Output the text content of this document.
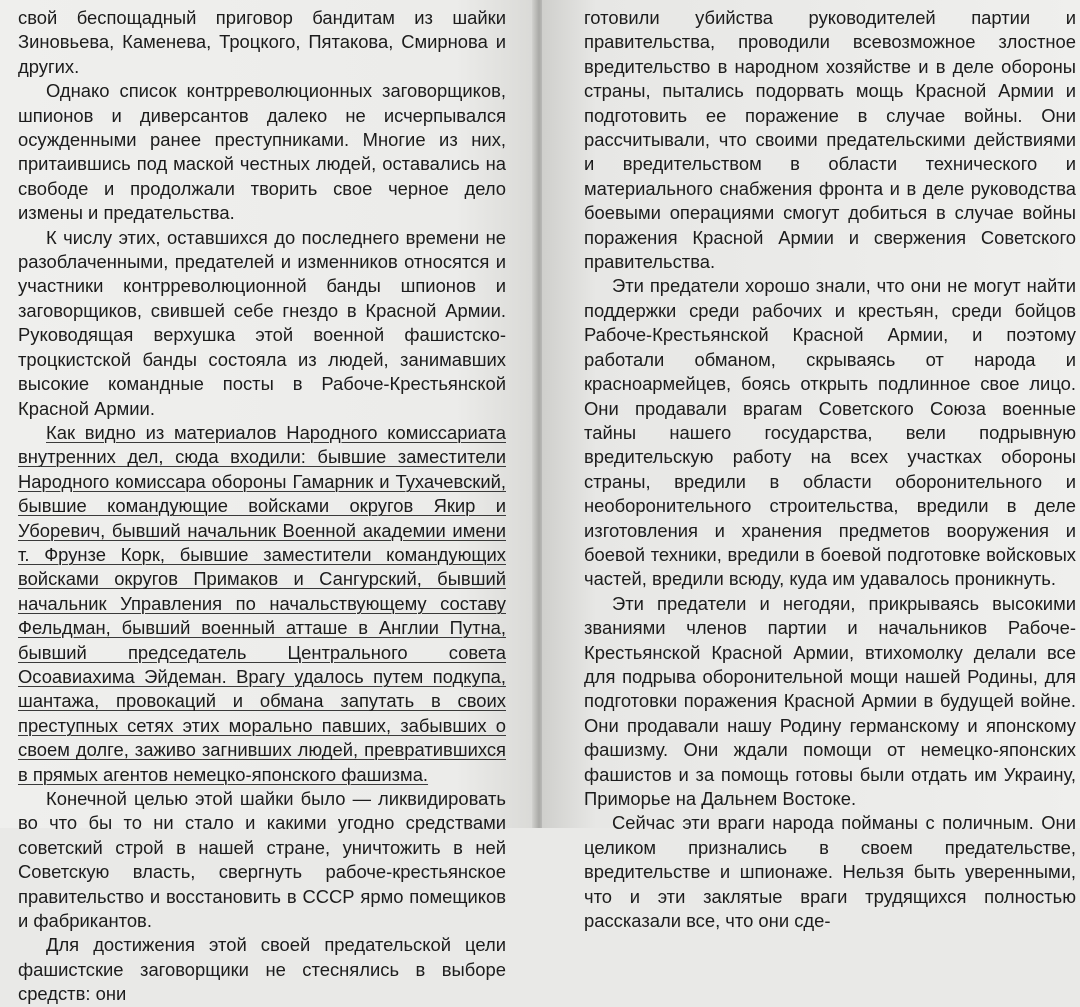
свой беспощадный приговор бандитам из шайки Зиновьева, Каменева, Троцкого, Пятакова, Смирнова и других.

Однако список контрреволюционных заговорщиков, шпионов и диверсантов далеко не исчерпывался осужденными ранее преступниками. Многие из них, притаившись под маской честных людей, оставались на свободе и продолжали творить свое черное дело измены и предательства.

К числу этих, оставшихся до последнего времени не разоблаченными, предателей и изменников относятся и участники контрреволюционной банды шпионов и заговорщиков, свившей себе гнездо в Красной Армии. Руководящая верхушка этой военной фашистско-троцкистской банды состояла из людей, занимавших высокие командные посты в Рабоче-Крестьянской Красной Армии.

Как видно из материалов Народного комиссариата внутренних дел, сюда входили: бывшие заместители Народного комиссара обороны Гамарник и Тухачевский, бывшие командующие войсками округов Якир и Уборевич, бывший начальник Военной академии имени т. Фрунзе Корк, бывшие заместители командующих войсками округов Примаков и Сангурский, бывший начальник Управления по начальствующему составу Фельдман, бывший военный атташе в Англии Путна, бывший председатель Центрального совета Осоавиахима Эйдеман. Врагу удалось путем подкупа, шантажа, провокаций и обмана запутать в своих преступных сетях этих морально павших, забывших о своем долге, заживо загнивших людей, превратившихся в прямых агентов немецко-японского фашизма.

Конечной целью этой шайки было — ликвидировать во что бы то ни стало и какими угодно средствами советский строй в нашей стране, уничтожить в ней Советскую власть, свергнуть рабоче-крестьянское правительство и восстановить в СССР ярмо помещиков и фабрикантов.

Для достижения этой своей предательской цели фашистские заговорщики не стеснялись в выборе средств: они

готовили убийства руководителей партии и правительства, проводили всевозможное злостное вредительство в народном хозяйстве и в деле обороны страны, пытались подорвать мощь Красной Армии и подготовить ее поражение в случае войны. Они рассчитывали, что своими предательскими действиями и вредительством в области технического и материального снабжения фронта и в деле руководства боевыми операциями смогут добиться в случае войны поражения Красной Армии и свержения Советского правительства.

Эти предатели хорошо знали, что они не могут найти поддержки среди рабочих и крестьян, среди бойцов Рабоче-Крестьянской Красной Армии, и поэтому работали обманом, скрываясь от народа и красноармейцев, боясь открыть подлинное свое лицо. Они продавали врагам Советского Союза военные тайны нашего государства, вели подрывную вредительскую работу на всех участках обороны страны, вредили в области оборонительного и необоронительного строительства, вредили в деле изготовления и хранения предметов вооружения и боевой техники, вредили в боевой подготовке войсковых частей, вредили всюду, куда им удавалось проникнуть.

Эти предатели и негодяи, прикрываясь высокими званиями членов партии и начальников Рабоче-Крестьянской Красной Армии, втихомолку делали все для подрыва оборонительной мощи нашей Родины, для подготовки поражения Красной Армии в будущей войне. Они продавали нашу Родину германскому и японскому фашизму. Они ждали помощи от немецко-японских фашистов и за помощь готовы были отдать им Украину, Приморье на Дальнем Востоке.

Сейчас эти враги народа пойманы с поличным. Они целиком признались в своем предательстве, вредительстве и шпионаже. Нельзя быть уверенными, что и эти заклятые враги трудящихся полностью рассказали все, что они сде-
